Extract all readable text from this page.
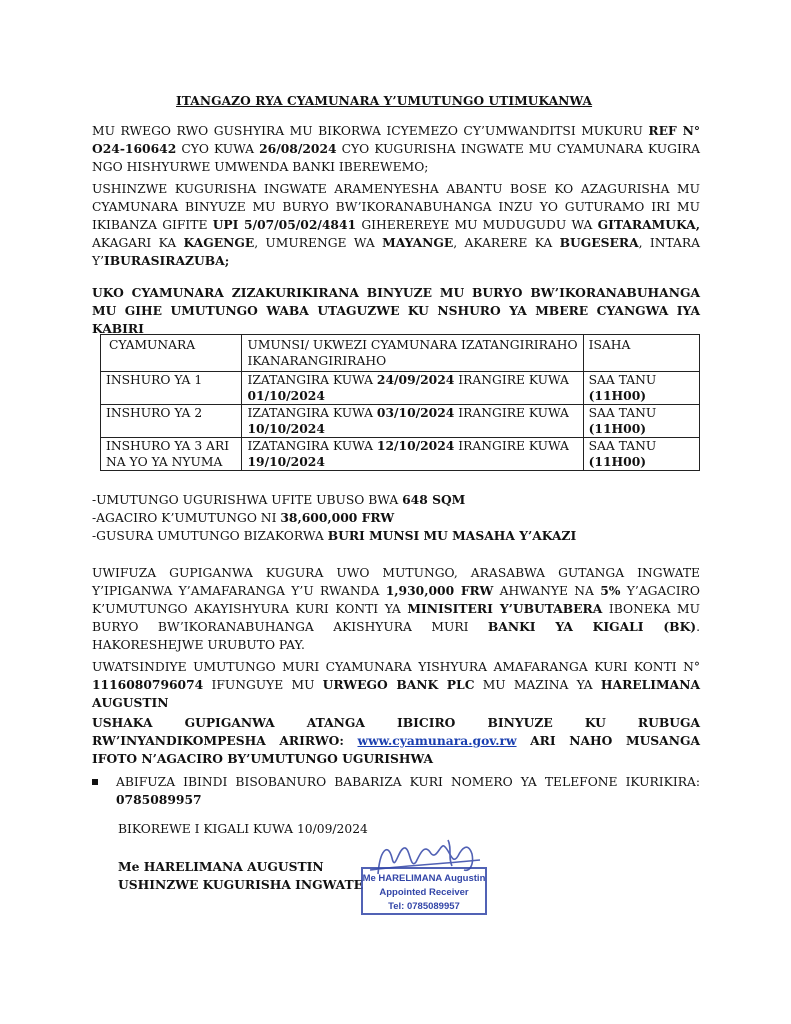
ITANGAZO RYA CYAMUNARA Y’UMUTUNGO UTIMUKANWA
MU RWEGO RWO GUSHYIRA MU BIKORWA ICYEMEZO CY’UMWANDITSI MUKURU REF N° O24-160642 CYO KUWA 26/08/2024 CYO KUGURISHA INGWATE MU CYAMUNARA KUGIRA NGO HISHYURWE UMWENDA BANKI IBEREWEMO;
USHINZWE KUGURISHA INGWATE ARAMENYESHA ABANTU BOSE KO AZAGURISHA MU CYAMUNARA BINYUZE MU BURYO BW’IKORANABUHANGA INZU YO GUTURAMO IRI MU IKIBANZA GIFITE UPI 5/07/05/02/4841 GIHEREREYE MU MUDUGUDU WA GITARAMUKA, AKAGARI KA KAGENGE, UMURENGE WA MAYANGE, AKARERE KA BUGESERA, INTARA Y’IBURASIRAZUBA;
UKO CYAMUNARA ZIZAKURIKIRANA BINYUZE MU BURYO BW’IKORANABUHANGA MU GIHE UMUTUNGO WABA UTAGUZWE KU NSHURO YA MBERE CYANGWA IYA KABIRI
CYAMUNARA	UMUNSI/ UKWEZI CYAMUNARA IZATANGIRIRAHO IKANARANGIRIRAHO	ISAHA
INSHURO YA 1	IZATANGIRA KUWA 24/09/2024 IRANGIRE KUWA 01/10/2024	SAA TANU
(11H00)
INSHURO YA 2	IZATANGIRA KUWA 03/10/2024 IRANGIRE KUWA 10/10/2024	SAA TANU
(11H00)
INSHURO YA 3 ARI NA YO YA NYUMA	IZATANGIRA KUWA 12/10/2024 IRANGIRE KUWA 19/10/2024	SAA TANU
(11H00)
-UMUTUNGO UGURISHWA UFITE UBUSO BWA 648 SQM
-AGACIRO K’UMUTUNGO NI 38,600,000 FRW
-GUSURA UMUTUNGO BIZAKORWA BURI MUNSI MU MASAHA Y’AKAZI
UWIFUZA GUPIGANWA KUGURA UWO MUTUNGO, ARASABWA GUTANGA INGWATE Y’IPIGANWA Y’AMAFARANGA Y’U RWANDA 1,930,000 FRW AHWANYE NA 5% Y’AGACIRO K’UMUTUNGO AKAYISHYURA KURI KONTI YA MINISITERI Y’UBUTABERA IBONEKA MU BURYO BW’IKORANABUHANGA AKISHYURA MURI BANKI YA KIGALI (BK). HAKORESHEJWE URUBUTO PAY.
UWATSINDIYE UMUTUNGO MURI CYAMUNARA YISHYURA AMAFARANGA KURI KONTI N° 1116080796074 IFUNGUYE MU URWEGO BANK PLC MU MAZINA YA HARELIMANA AUGUSTIN
USHAKA GUPIGANWA ATANGA IBICIRO BINYUZE KU RUBUGA RW’INYANDIKOMPESHA ARIRWO: www.cyamunara.gov.rw ARI NAHO MUSANGA IFOTO N’AGACIRO BY’UMUTUNGO UGURISHWA
ABIFUZA IBINDI BISOBANURO BABARIZA KURI NOMERO YA TELEFONE IKURIKIRA: 0785089957
BIKOREWE I KIGALI KUWA 10/09/2024
Me HARELIMANA AUGUSTIN
USHINZWE KUGURISHA INGWATE Me HARELIMANA Augustin
Appointed Receiver
Tel: 0785089957
